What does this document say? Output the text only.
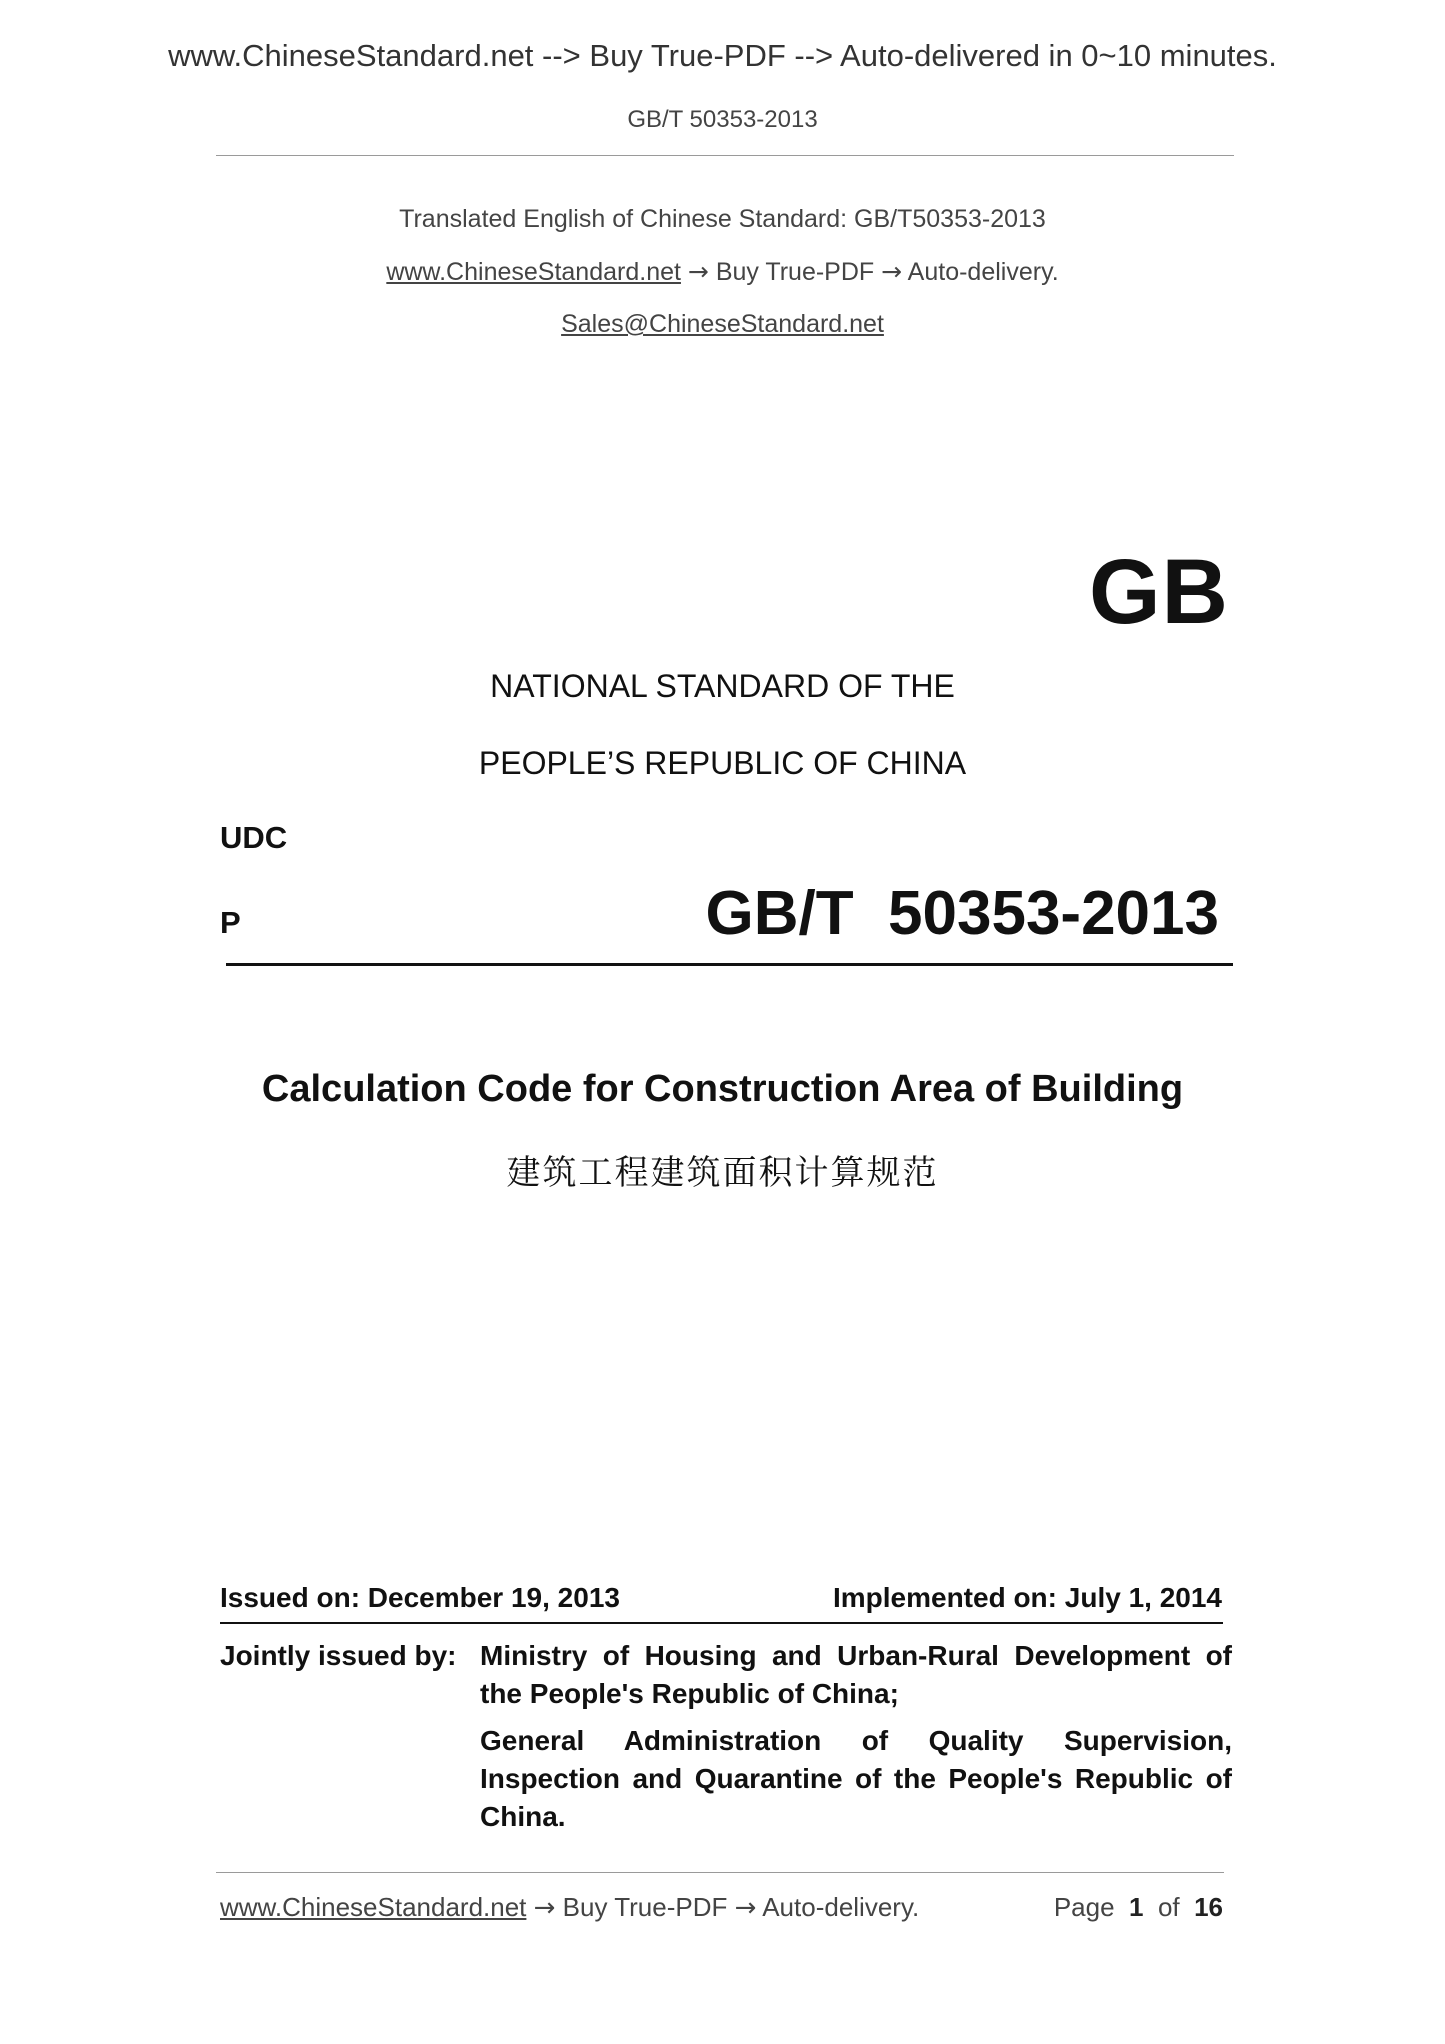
www.ChineseStandard.net --> Buy True-PDF --> Auto-delivered in 0~10 minutes.
GB/T 50353-2013
Translated English of Chinese Standard: GB/T50353-2013
www.ChineseStandard.net → Buy True-PDF → Auto-delivery.
Sales@ChineseStandard.net
GB
NATIONAL STANDARD OF THE
PEOPLE’S REPUBLIC OF CHINA
UDC
P	GB/T  50353-2013
Calculation Code for Construction Area of Building
建筑工程建筑面积计算规范
Issued on: December 19, 2013	Implemented on: July 1, 2014
Jointly issued by: Ministry of Housing and Urban-Rural Development of the People's Republic of China;
General Administration of Quality Supervision, Inspection and Quarantine of the People's Republic of China.
www.ChineseStandard.net → Buy True-PDF → Auto-delivery.	Page 1 of 16
